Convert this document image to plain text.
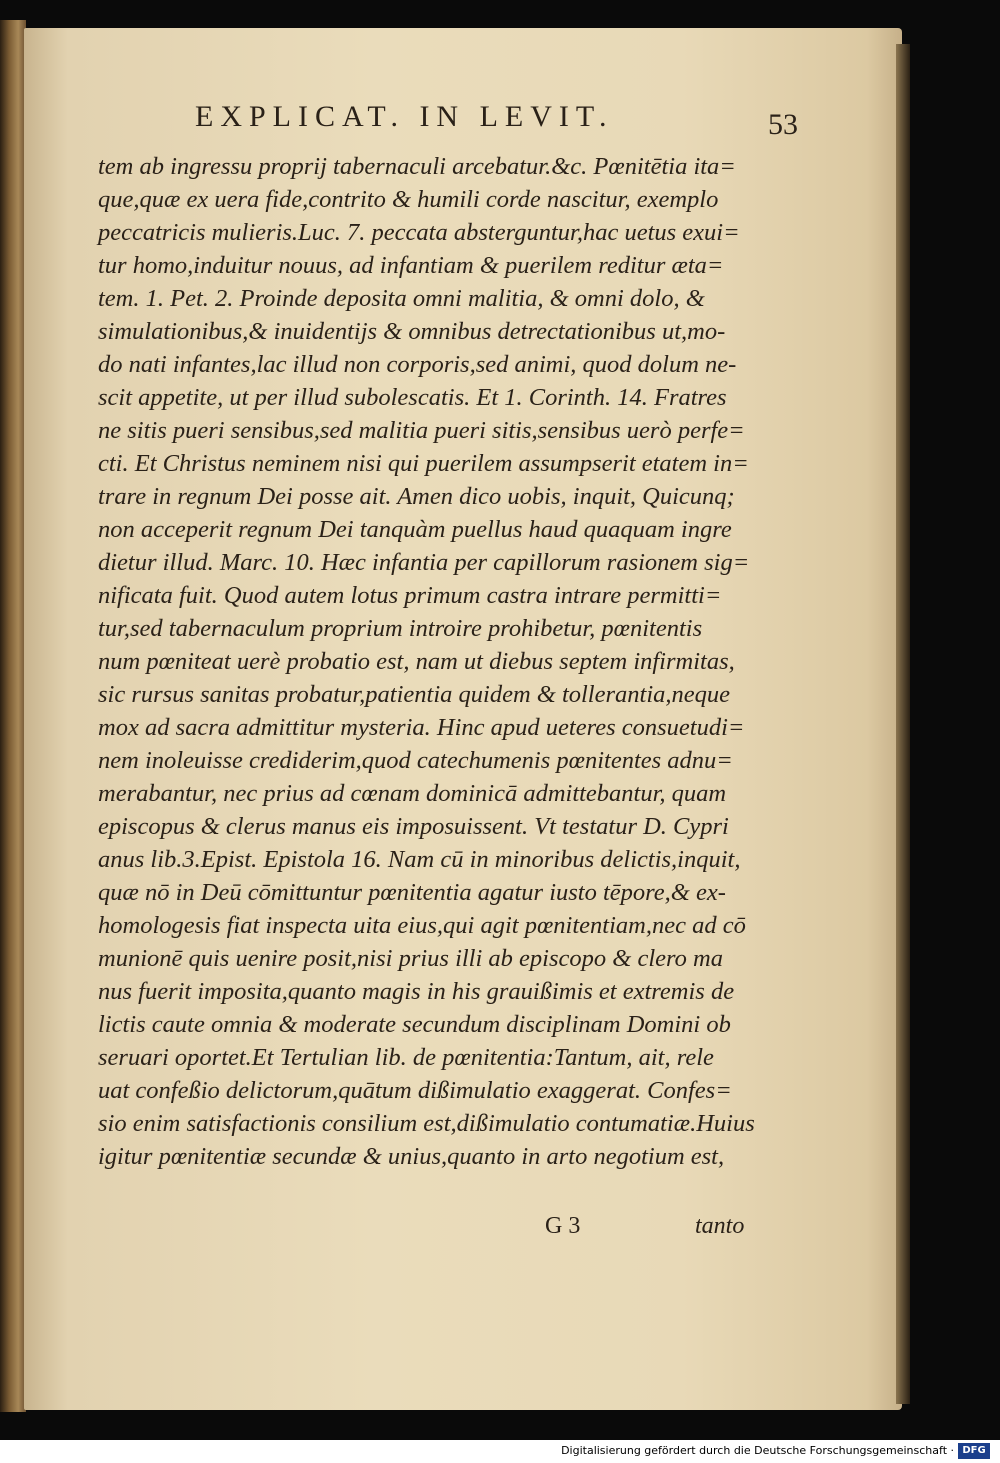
EXPLICAT. IN LEVIT.	53
tem ab ingressu proprij tabernaculi arcebatur.&c. Pœnitētia ita=
que,quæ ex uera fide,contrito & humili corde nascitur, exemplo
peccatricis mulieris.Luc. 7. peccata absterguntur,hac uetus exui=
tur homo,induitur nouus, ad infantiam & puerilem reditur æta=
tem. 1. Pet. 2. Proinde deposita omni malitia, & omni dolo, &
simulationibus,& inuidentijs & omnibus detrectationibus ut,mo-
do nati infantes,lac illud non corporis,sed animi, quod dolum ne-
scit appetite, ut per illud subolescatis. Et 1. Corinth. 14. Fratres
ne sitis pueri sensibus,sed malitia pueri sitis,sensibus uerò perfe=
cti. Et Christus neminem nisi qui puerilem assumpserit etatem in=
trare in regnum Dei posse ait. Amen dico uobis, inquit, Quicunq;
non acceperit regnum Dei tanquàm puellus haud quaquam ingre
dietur illud. Marc. 10. Hæc infantia per capillorum rasionem sig=
nificata fuit. Quod autem lotus primum castra intrare permitti=
tur,sed tabernaculum proprium introire prohibetur, pœnitentis
num pœniteat uerè probatio est, nam ut diebus septem infirmitas,
sic rursus sanitas probatur,patientia quidem & tollerantia,neque
mox ad sacra admittitur mysteria. Hinc apud ueteres consuetudi=
nem inoleuisse crediderim,quod catechumenis pœnitentes adnu=
merabantur, nec prius ad cœnam dominicā admittebantur, quam
episcopus & clerus manus eis imposuissent. Vt testatur D. Cypri
anus lib.3.Epist. Epistola 16. Nam cū in minoribus delictis,inquit,
quæ nō in Deū cōmittuntur pœnitentia agatur iusto tēpore,& ex-
homologesis fiat inspecta uita eius,qui agit pœnitentiam,nec ad cō
munionē quis uenire posit,nisi prius illi ab episcopo & clero ma
nus fuerit imposita,quanto magis in his grauißimis et extremis de
lictis caute omnia & moderate secundum disciplinam Domini ob
seruari oportet.Et Tertulian lib. de pœnitentia:Tantum, ait, rele
uat confeßio delictorum,quātum dißimulatio exaggerat. Confes=
sio enim satisfactionis consilium est,dißimulatio contumatiæ.Huius
igitur pœnitentiæ secundæ & unius,quanto in arto negotium est,
G 3	tanto
Digitalisierung gefördert durch die Deutsche Forschungsgemeinschaft · DFG
